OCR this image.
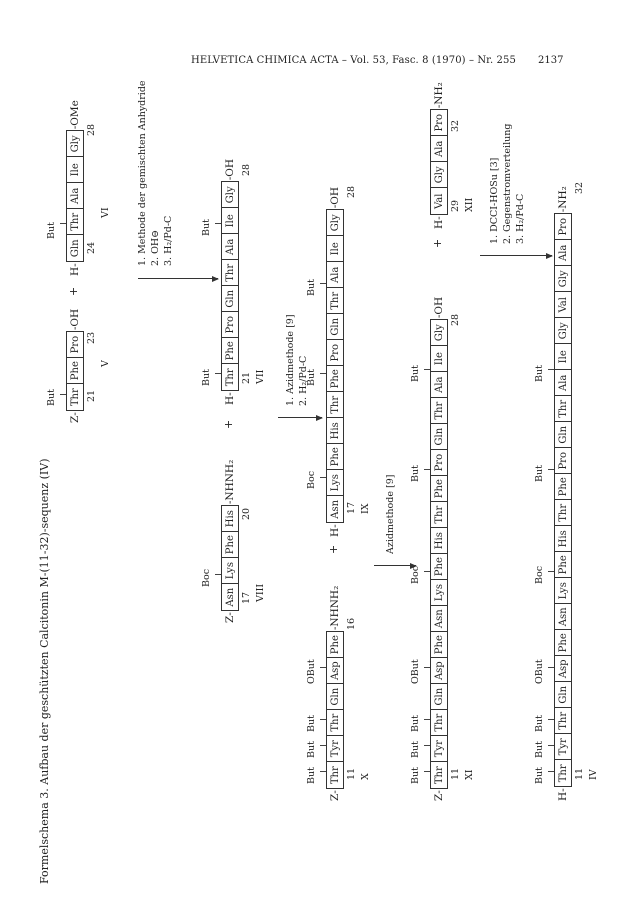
HELVETICA CHIMICA ACTA – Vol. 53, Fasc. 8 (1970) – Nr. 255 2137
Formelschema 3. Aufbau der geschützten Calcitonin M-(11-32)-sequenz (IV)
But
Z-
Thr
Phe
Pro
-OH
21
23
V
+
But
H-
Gln
Thr
Ala
Ile
Gly
-OMe
24
28
VI	1. Methode der gemischten Anhydride 2. OH⊖ 3. H₂/Pd-C
Boc
Z-
Asn
Lys
Phe
His
-NHNH₂
17
20
VIII
+
But
But
H-
Thr
Phe
Pro
Gln
Thr
Ala
Ile
Gly
-OH
21
28
VII 1. Azidmethode [9] 2. H₂/Pd-C
Boc
But
But
H-
Asn
Lys
Phe
His
Thr
Phe
Pro
Gln
Thr
Ala
Ile
Gly
-OH
17
28
IX
But
But
But
OBut
Z-
Thr
Tyr
Thr
Gln
Asp
Phe
-NHNH₂
11
16
X
+	Azidmethode [9]
But
But
But
OBut
Boc
But
But
Z-
Thr
Tyr
Thr
Gln
Asp
Phe
Asn
Lys
Phe
His
Thr
Phe
Pro
Gln
Thr
Ala
Ile
Gly
-OH
11
28
XI
+
H-
Val
Gly
Ala
Pro
-NH₂
29
32
XII 1. DCCI-HOSu [3] 2. Gegenstromverteilung 3. H₂/Pd-C
But
But
But
OBut
Boc
But
But
H-
Thr
Tyr
Thr
Gln
Asp
Phe
Asn
Lys
Phe
His
Thr
Phe
Pro
Gln
Thr
Ala
Ile
Gly
Val
Gly
Ala
Pro
-NH₂
11
32
IV
